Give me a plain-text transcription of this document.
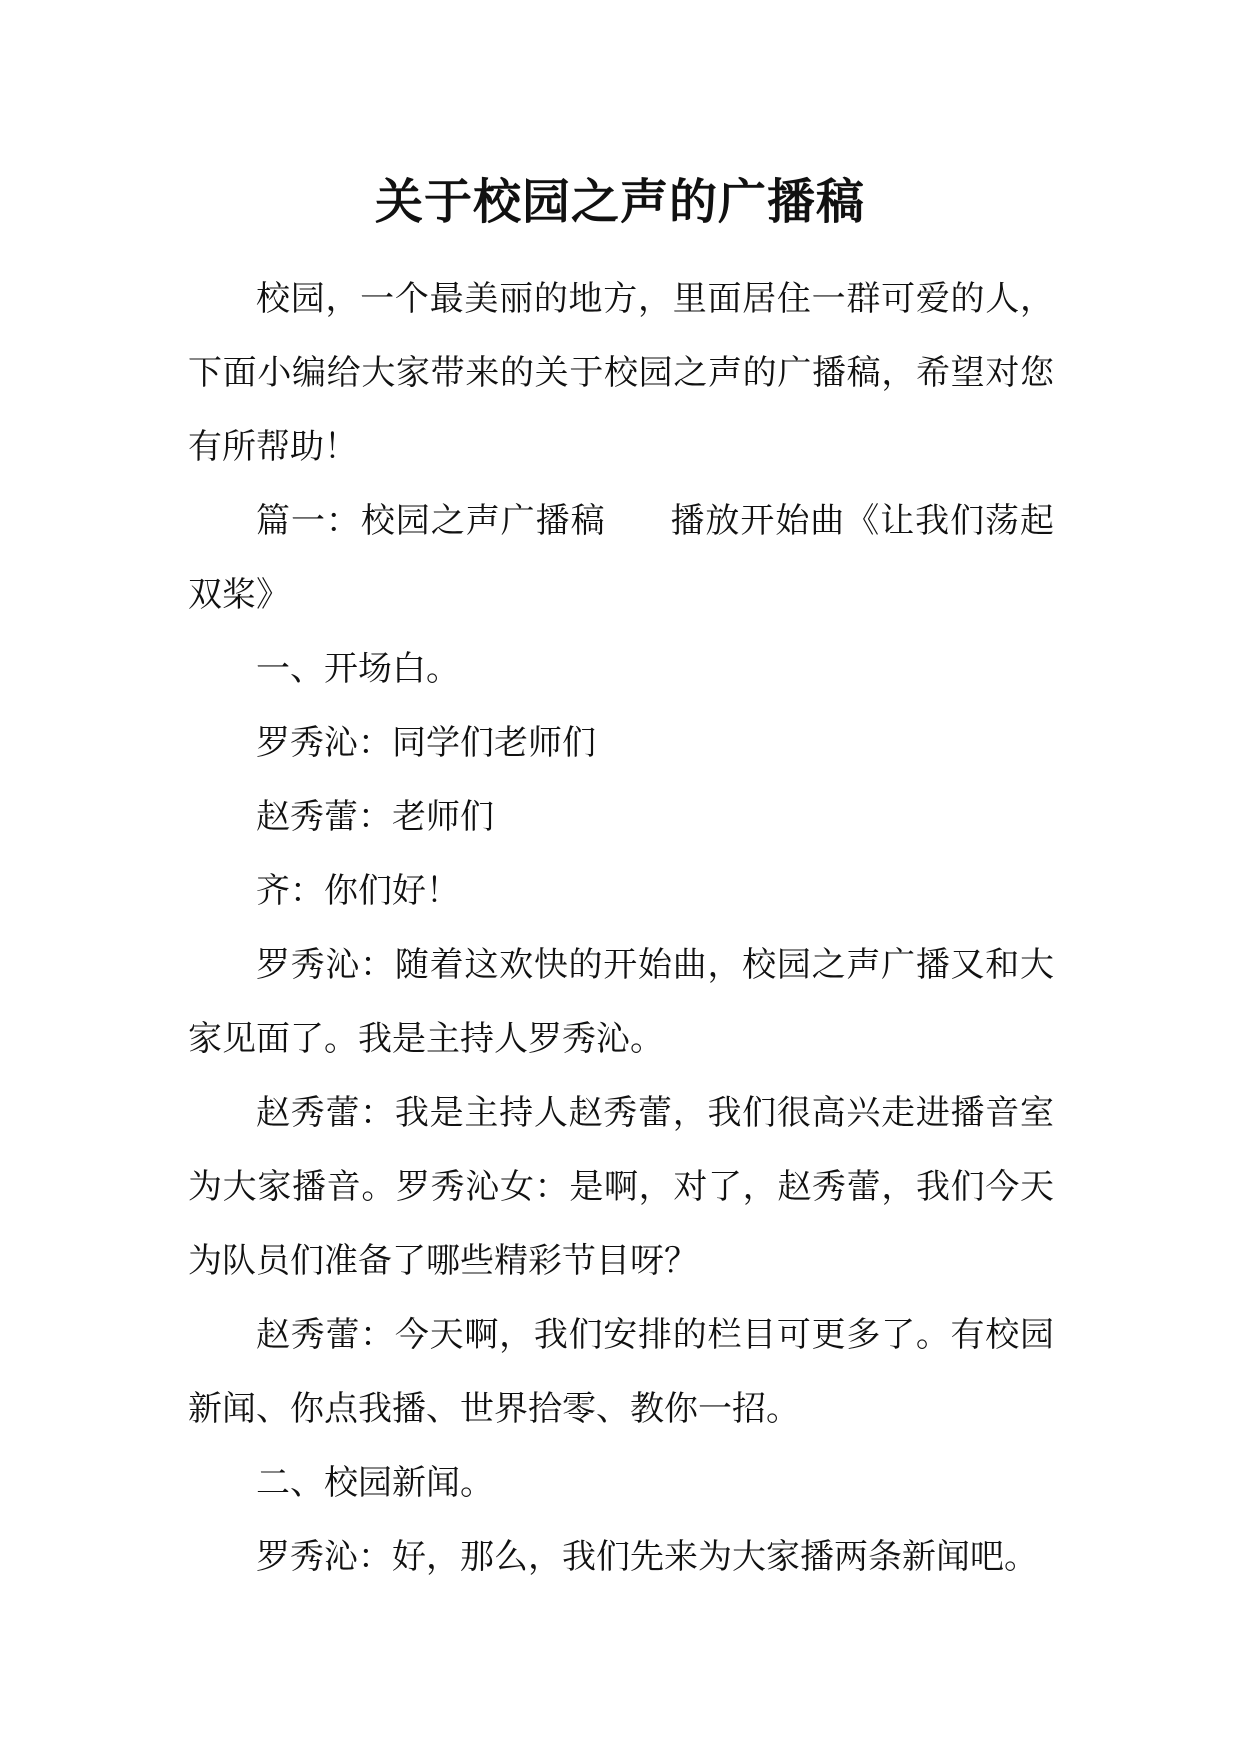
关于校园之声的广播稿

校园，一个最美丽的地方，里面居住一群可爱的人，下面小编给大家带来的关于校园之声的广播稿，希望对您有所帮助！

篇一：校园之声广播稿 播放开始曲《让我们荡起双桨》

一、开场白。

罗秀沁：同学们老师们

赵秀蕾：老师们

齐：你们好！

罗秀沁：随着这欢快的开始曲，校园之声广播又和大家见面了。我是主持人罗秀沁。

赵秀蕾：我是主持人赵秀蕾，我们很高兴走进播音室为大家播音。罗秀沁女：是啊，对了，赵秀蕾，我们今天为队员们准备了哪些精彩节目呀？

赵秀蕾：今天啊，我们安排的栏目可更多了。有校园新闻、你点我播、世界拾零、教你一招。

二、校园新闻。

罗秀沁：好，那么，我们先来为大家播两条新闻吧。
